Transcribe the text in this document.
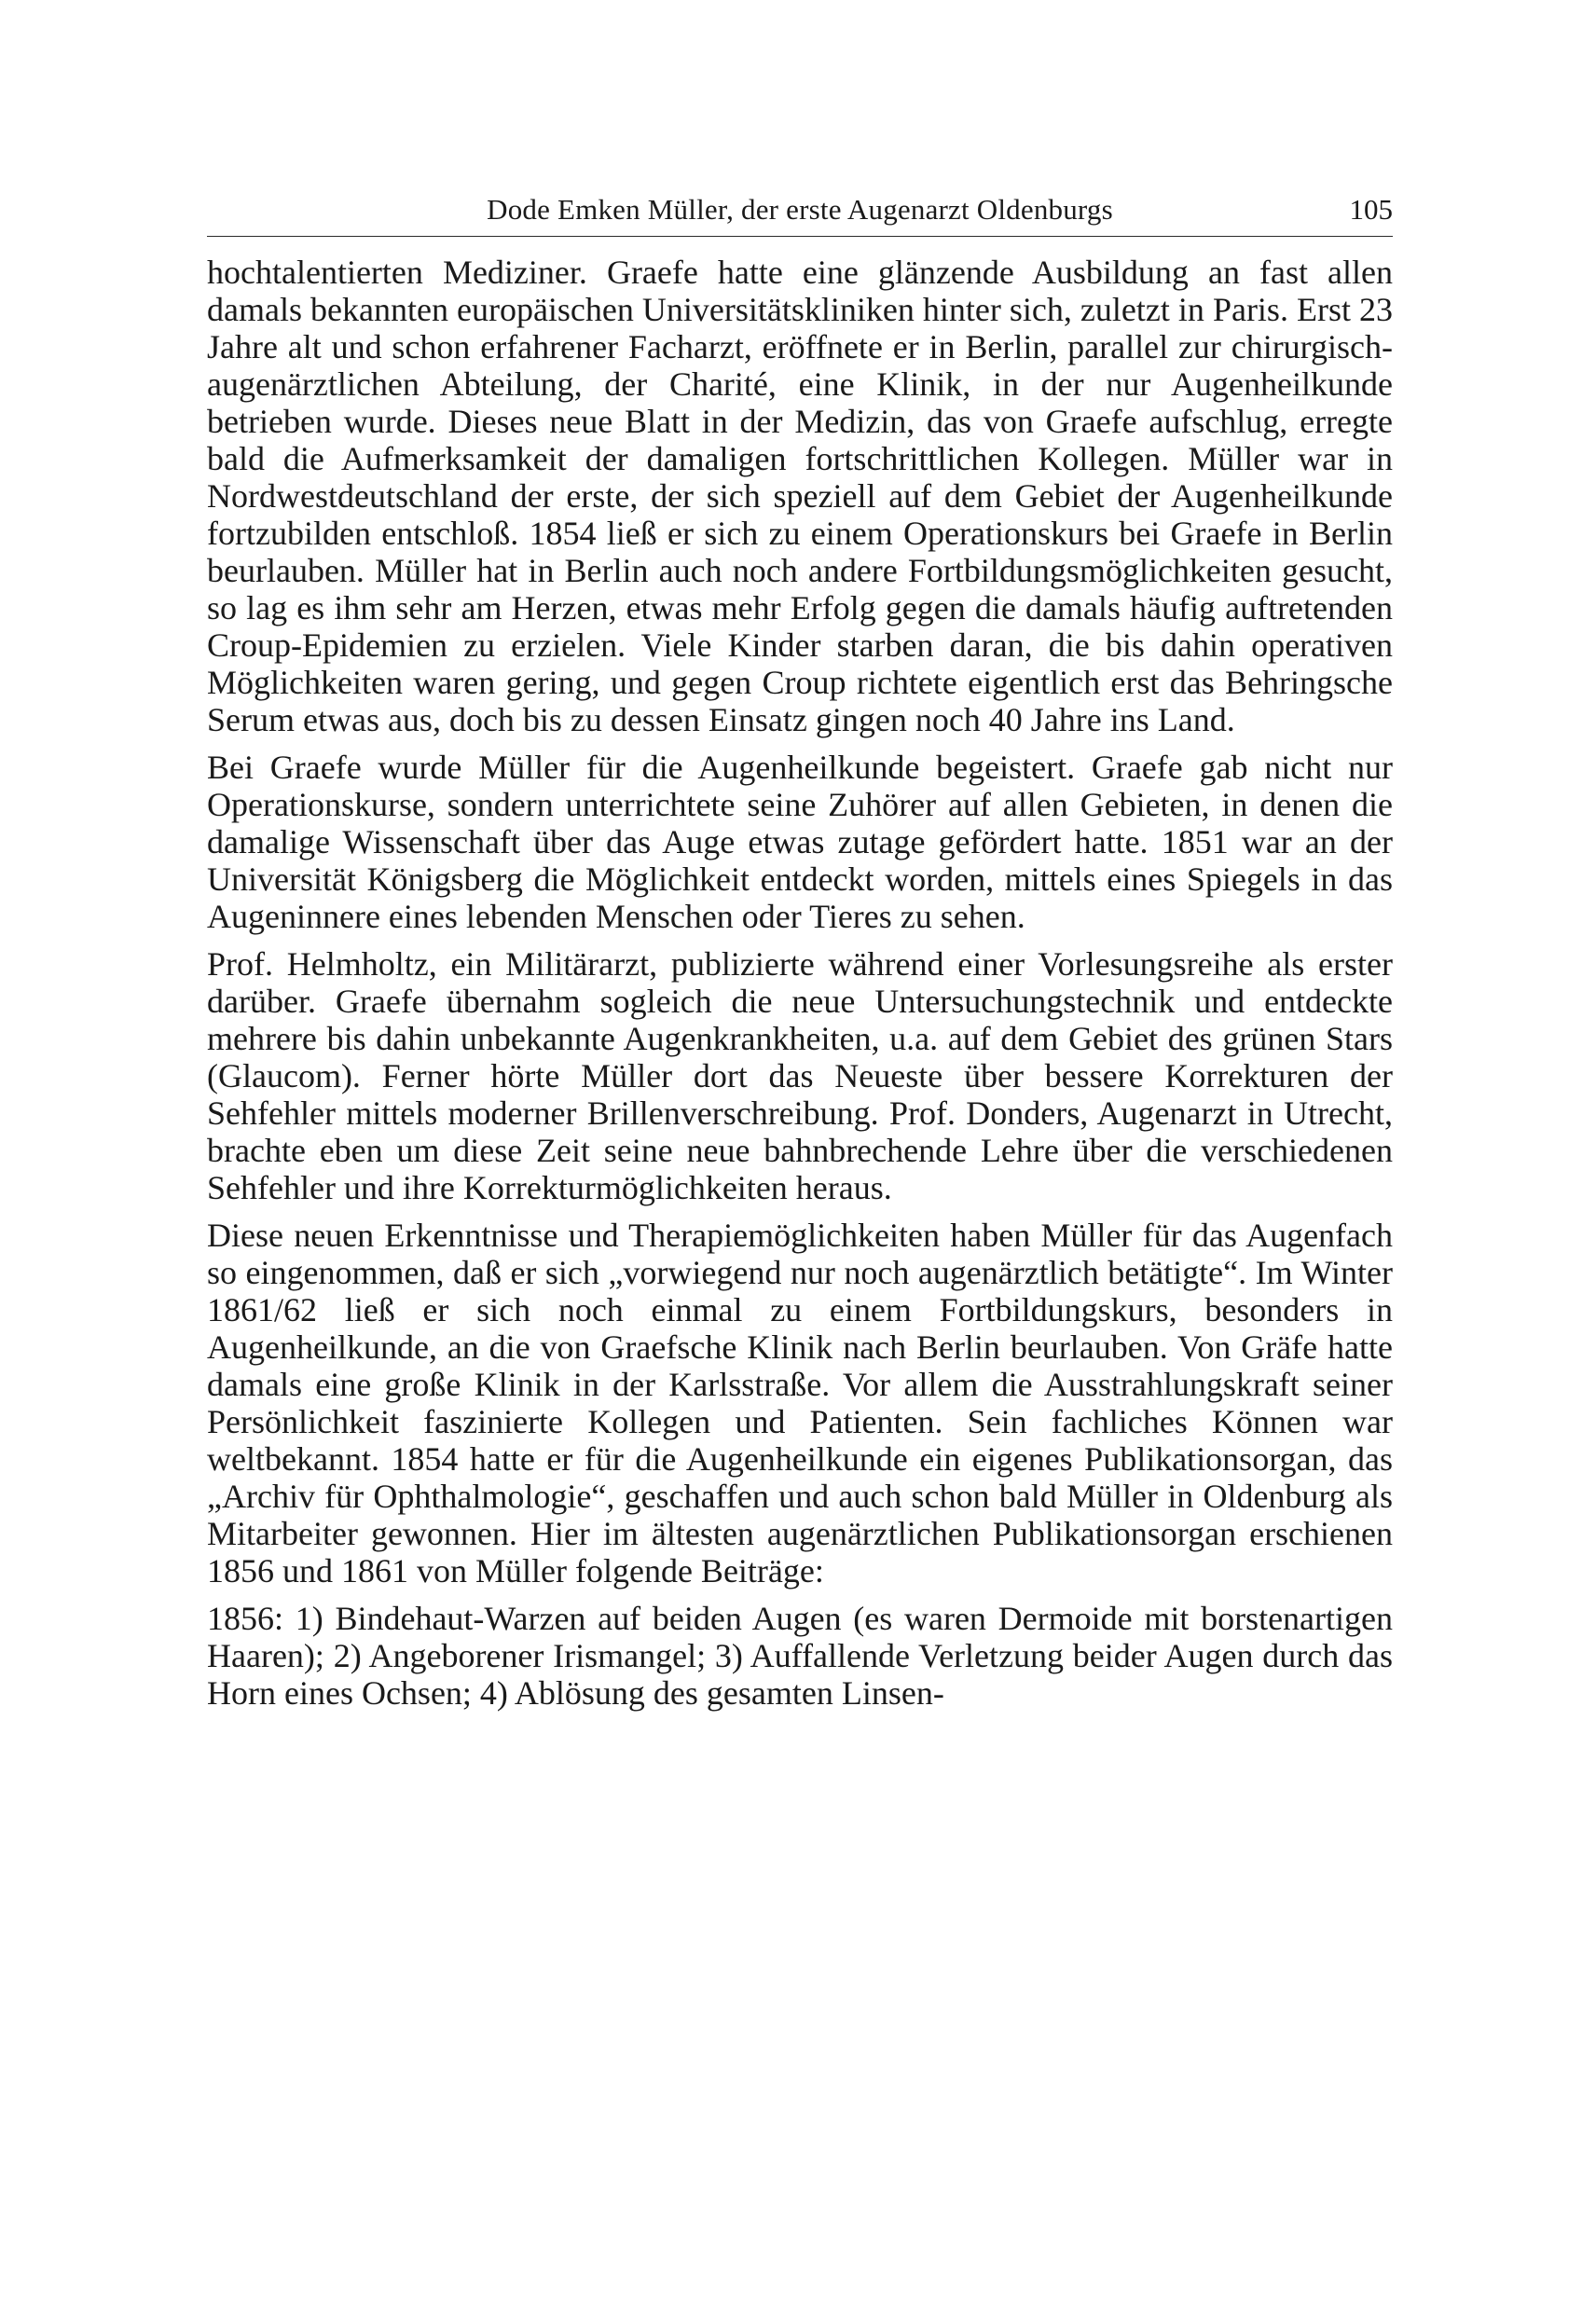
Dode Emken Müller, der erste Augenarzt Oldenburgs	105

hochtalentierten Mediziner. Graefe hatte eine glänzende Ausbildung an fast allen damals bekannten europäischen Universitätskliniken hinter sich, zuletzt in Paris. Erst 23 Jahre alt und schon erfahrener Facharzt, eröffnete er in Berlin, parallel zur chirurgisch-augenärztlichen Abteilung, der Charité, eine Klinik, in der nur Augenheilkunde betrieben wurde. Dieses neue Blatt in der Medizin, das von Graefe aufschlug, erregte bald die Aufmerksamkeit der damaligen fortschrittlichen Kollegen. Müller war in Nordwestdeutschland der erste, der sich speziell auf dem Gebiet der Augenheilkunde fortzubilden entschloß. 1854 ließ er sich zu einem Operationskurs bei Graefe in Berlin beurlauben. Müller hat in Berlin auch noch andere Fortbildungsmöglichkeiten gesucht, so lag es ihm sehr am Herzen, etwas mehr Erfolg gegen die damals häufig auftretenden Croup-Epidemien zu erzielen. Viele Kinder starben daran, die bis dahin operativen Möglichkeiten waren gering, und gegen Croup richtete eigentlich erst das Behringsche Serum etwas aus, doch bis zu dessen Einsatz gingen noch 40 Jahre ins Land.

Bei Graefe wurde Müller für die Augenheilkunde begeistert. Graefe gab nicht nur Operationskurse, sondern unterrichtete seine Zuhörer auf allen Gebieten, in denen die damalige Wissenschaft über das Auge etwas zutage gefördert hatte. 1851 war an der Universität Königsberg die Möglichkeit entdeckt worden, mittels eines Spiegels in das Augeninnere eines lebenden Menschen oder Tieres zu sehen.

Prof. Helmholtz, ein Militärarzt, publizierte während einer Vorlesungsreihe als erster darüber. Graefe übernahm sogleich die neue Untersuchungstechnik und entdeckte mehrere bis dahin unbekannte Augenkrankheiten, u.a. auf dem Gebiet des grünen Stars (Glaucom). Ferner hörte Müller dort das Neueste über bessere Korrekturen der Sehfehler mittels moderner Brillenverschreibung. Prof. Donders, Augenarzt in Utrecht, brachte eben um diese Zeit seine neue bahnbrechende Lehre über die verschiedenen Sehfehler und ihre Korrekturmöglichkeiten heraus.

Diese neuen Erkenntnisse und Therapiemöglichkeiten haben Müller für das Augenfach so eingenommen, daß er sich „vorwiegend nur noch augenärztlich betätigte“. Im Winter 1861/62 ließ er sich noch einmal zu einem Fortbildungskurs, besonders in Augenheilkunde, an die von Graefsche Klinik nach Berlin beurlauben. Von Gräfe hatte damals eine große Klinik in der Karlsstraße. Vor allem die Ausstrahlungskraft seiner Persönlichkeit faszinierte Kollegen und Patienten. Sein fachliches Können war weltbekannt. 1854 hatte er für die Augenheilkunde ein eigenes Publikationsorgan, das „Archiv für Ophthalmologie“, geschaffen und auch schon bald Müller in Oldenburg als Mitarbeiter gewonnen. Hier im ältesten augenärztlichen Publikationsorgan erschienen 1856 und 1861 von Müller folgende Beiträge:

1856: 1) Bindehaut-Warzen auf beiden Augen (es waren Dermoide mit borstenartigen Haaren); 2) Angeborener Irismangel; 3) Auffallende Verletzung beider Augen durch das Horn eines Ochsen; 4) Ablösung des gesamten Linsen-
